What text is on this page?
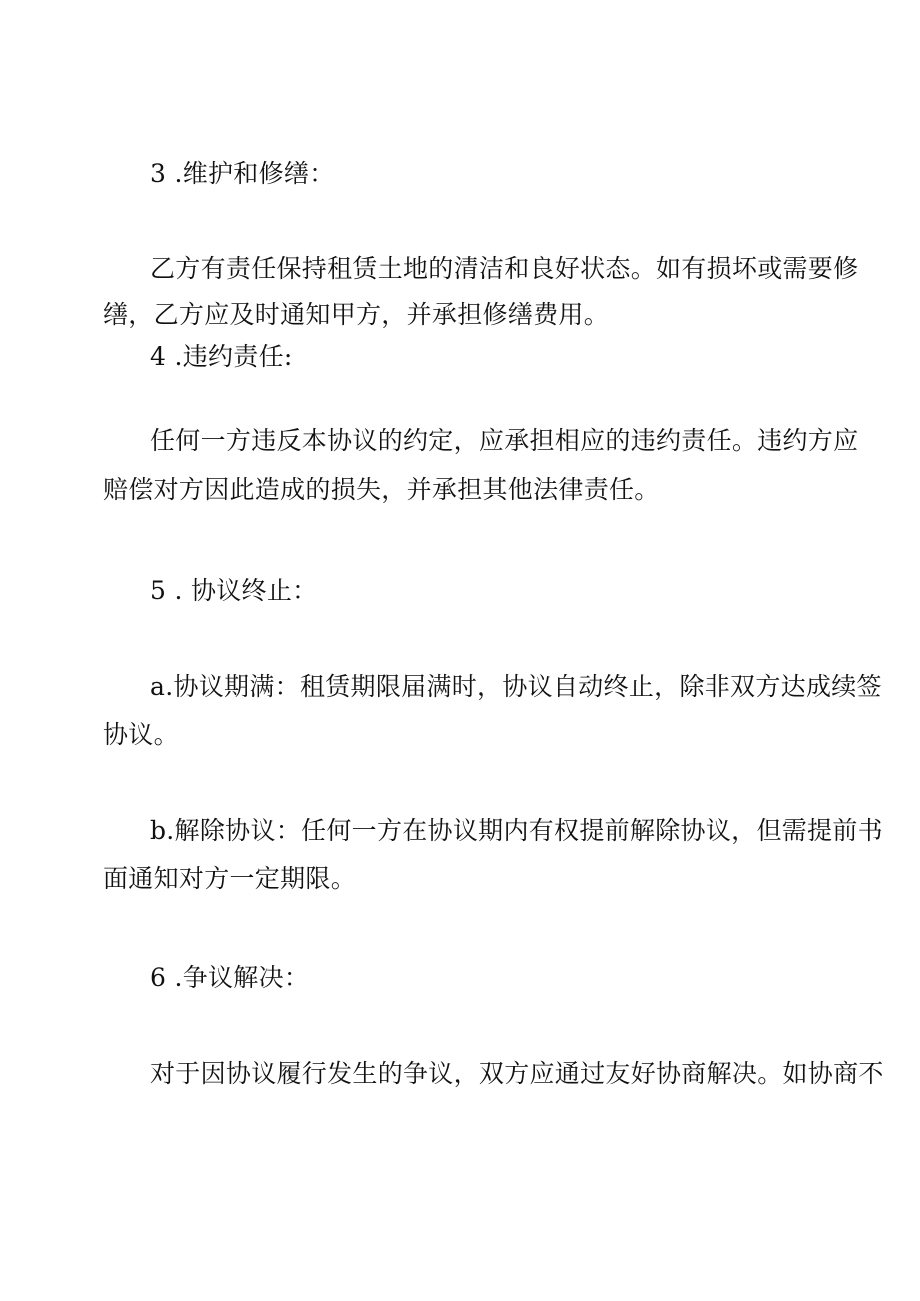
3 .维护和修缮：
乙方有责任保持租赁土地的清洁和良好状态。如有损坏或需要修
缮，乙方应及时通知甲方，并承担修缮费用。
4 .违约责任:
任何一方违反本协议的约定，应承担相应的违约责任。违约方应
赔偿对方因此造成的损失，并承担其他法律责任。
5 . 协议终止：
a.协议期满：租赁期限届满时，协议自动终止，除非双方达成续签
协议。
b.解除协议：任何一方在协议期内有权提前解除协议，但需提前书
面通知对方一定期限。
6 .争议解决：
对于因协议履行发生的争议，双方应通过友好协商解决。如协商不
